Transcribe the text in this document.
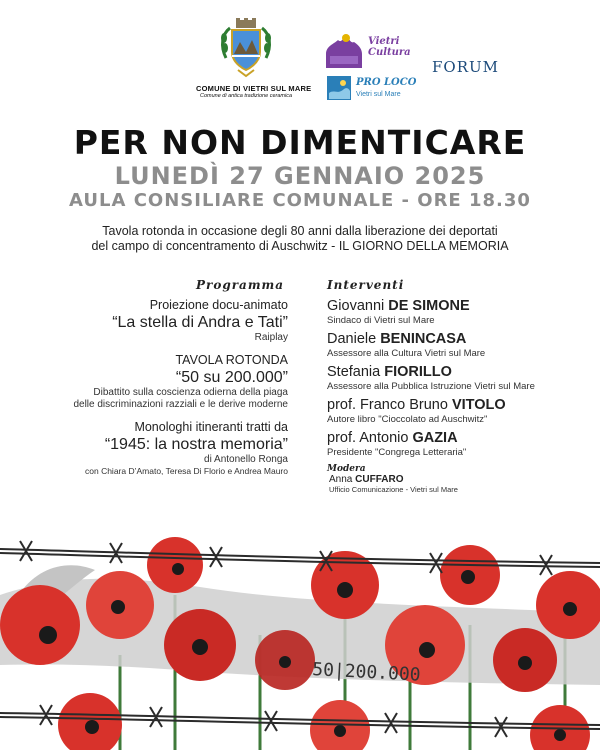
COMUNE DI VIETRI SUL MARE
Comune di antica tradizione ceramica
Vietri
Cultura
PRO LOCO
Vietri sul Mare
FORUM
PER NON DIMENTICARE
LUNEDÌ 27 GENNAIO 2025
AULA CONSILIARE COMUNALE - ORE 18.30
Tavola rotonda in occasione degli 80 anni dalla liberazione dei deportati
del campo di concentramento di Auschwitz - IL GIORNO DELLA MEMORIA
Programma
Proiezione docu-animato
“La stella di Andra e Tati”
Raiplay
TAVOLA ROTONDA
“50 su 200.000”
Dibattito sulla coscienza odierna della piaga
delle discriminazioni razziali e le derive moderne
Monologhi itineranti tratti da
“1945: la nostra memoria”
di Antonello Ronga
con Chiara D’Amato, Teresa Di Florio e Andrea Mauro
Interventi
Giovanni DE SIMONE
Sindaco di Vietri sul Mare
Daniele BENINCASA
Assessore alla Cultura Vietri sul Mare
Stefania FIORILLO
Assessore alla Pubblica Istruzione Vietri sul Mare
prof. Franco Bruno VITOLO
Autore libro "Cioccolato ad Auschwitz"
prof. Antonio GAZIA
Presidente "Congrega Letteraria"
Modera
Anna CUFFARO
Ufficio Comunicazione - Vietri sul Mare
50|200.000
